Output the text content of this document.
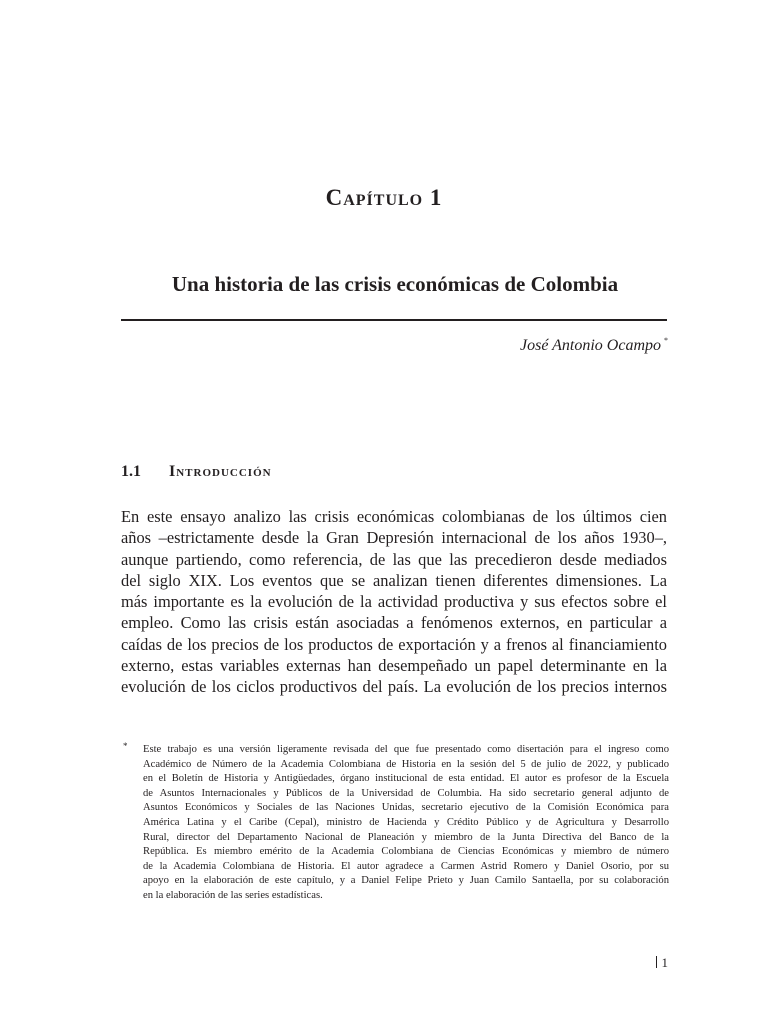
Capítulo 1
Una historia de las crisis económicas de Colombia
José Antonio Ocampo *
1.1 Introducción
En este ensayo analizo las crisis económicas colombianas de los últimos cien
años –estrictamente desde la Gran Depresión internacional de los años 1930–,
aunque partiendo, como referencia, de las que las precedieron desde mediados
del siglo XIX. Los eventos que se analizan tienen diferentes dimensiones. La
más importante es la evolución de la actividad productiva y sus efectos sobre el
empleo. Como las crisis están asociadas a fenómenos externos, en particular a
caídas de los precios de los productos de exportación y a frenos al financiamiento
externo, estas variables externas han desempeñado un papel determinante en la
evolución de los ciclos productivos del país. La evolución de los precios internos
* Este trabajo es una versión ligeramente revisada del que fue presentado como disertación para el ingreso como
Académico de Número de la Academia Colombiana de Historia en la sesión del 5 de julio de 2022, y publicado
en el Boletín de Historia y Antigüedades, órgano institucional de esta entidad. El autor es profesor de la Escuela
de Asuntos Internacionales y Públicos de la Universidad de Columbia. Ha sido secretario general adjunto de
Asuntos Económicos y Sociales de las Naciones Unidas, secretario ejecutivo de la Comisión Económica para
América Latina y el Caribe (Cepal), ministro de Hacienda y Crédito Público y de Agricultura y Desarrollo
Rural, director del Departamento Nacional de Planeación y miembro de la Junta Directiva del Banco de la
República. Es miembro emérito de la Academia Colombiana de Ciencias Económicas y miembro de número
de la Academia Colombiana de Historia. El autor agradece a Carmen Astrid Romero y Daniel Osorio, por su
apoyo en la elaboración de este capítulo, y a Daniel Felipe Prieto y Juan Camilo Santaella, por su colaboración
en la elaboración de las series estadísticas.
1
